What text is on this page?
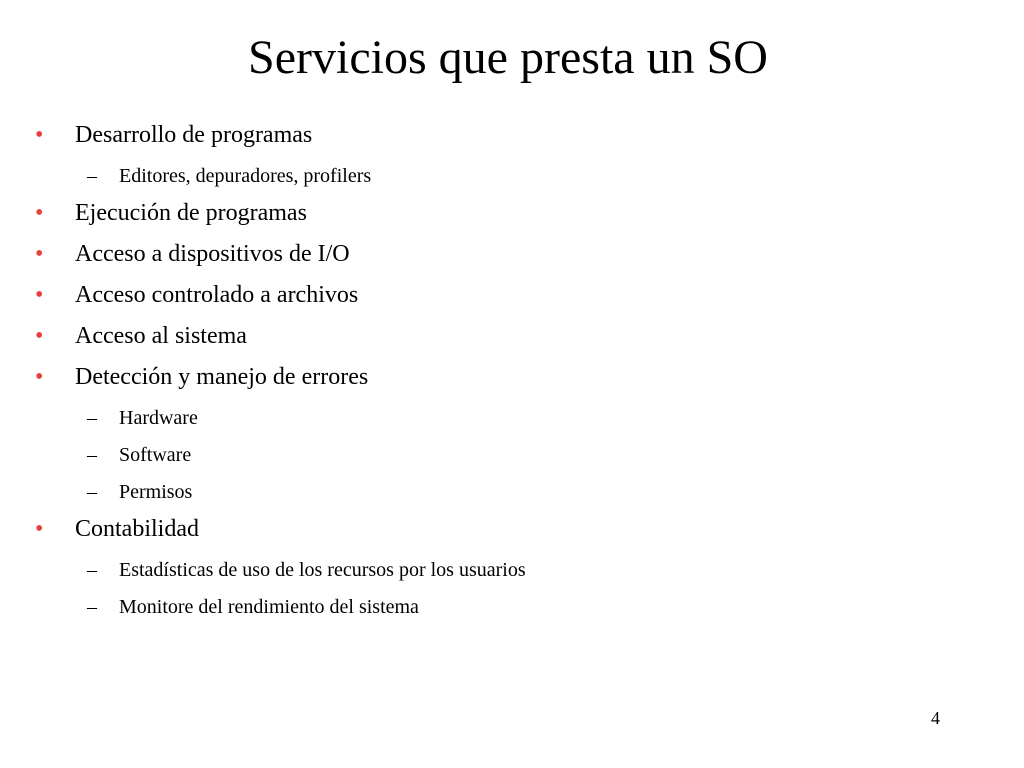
Servicios que presta un SO
• Desarrollo de programas
– Editores, depuradores, profilers
• Ejecución de programas
• Acceso a dispositivos de I/O
• Acceso controlado a archivos
• Acceso al sistema
• Detección y manejo de errores
– Hardware
– Software
– Permisos
• Contabilidad
– Estadísticas de uso de los recursos por los usuarios
– Monitore del rendimiento del sistema
4
